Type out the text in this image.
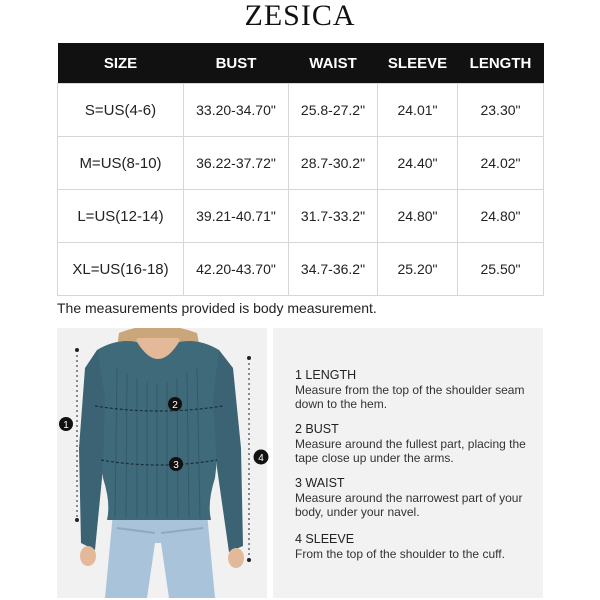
ZESICA
SIZE	BUST	WAIST	SLEEVE	LENGTH
S=US(4-6)	33.20-34.70"	25.8-27.2"	24.01"	23.30"
M=US(8-10)	36.22-37.72"	28.7-30.2"	24.40"	24.02"
L=US(12-14)	39.21-40.71"	31.7-33.2"	24.80"	24.80"
XL=US(16-18)	42.20-43.70"	34.7-36.2"	25.20"	25.50"
The measurements provided is body measurement.
1
2
3
4
1 LENGTH
Measure from the top of the shoulder seam down to the hem.
2 BUST
Measure around the fullest part, placing the tape close up under the arms.
3 WAIST
Measure around the narrowest part of your body, under your navel.
4 SLEEVE
From the top of the shoulder to the cuff.
